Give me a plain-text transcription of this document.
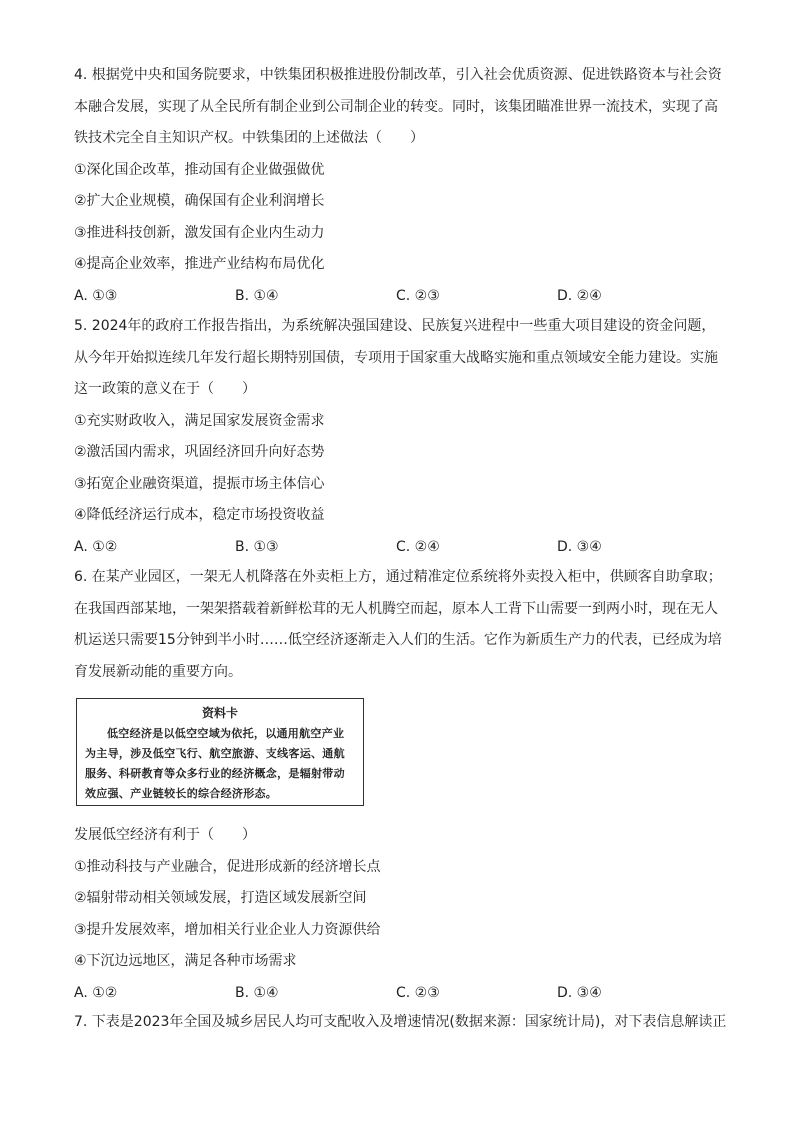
4. 根据党中央和国务院要求，中铁集团积极推进股份制改革，引入社会优质资源、促进铁路资本与社会资本融合发展，实现了从全民所有制企业到公司制企业的转变。同时，该集团瞄准世界一流技术，实现了高铁技术完全自主知识产权。中铁集团的上述做法（　　）

①深化国企改革，推动国有企业做强做优
②扩大企业规模，确保国有企业利润增长
③推进科技创新，激发国有企业内生动力
④提高企业效率，推进产业结构布局优化
A. ①③	B. ①④	C. ②③	D. ②④

5. 2024年的政府工作报告指出，为系统解决强国建设、民族复兴进程中一些重大项目建设的资金问题，从今年开始拟连续几年发行超长期特别国债，专项用于国家重大战略实施和重点领域安全能力建设。实施这一政策的意义在于（　　）

①充实财政收入，满足国家发展资金需求
②激活国内需求，巩固经济回升向好态势
③拓宽企业融资渠道，提振市场主体信心
④降低经济运行成本，稳定市场投资收益
A. ①②	B. ①③	C. ②④	D. ③④

6. 在某产业园区，一架无人机降落在外卖柜上方，通过精准定位系统将外卖投入柜中，供顾客自助拿取；在我国西部某地，一架架搭载着新鲜松茸的无人机腾空而起，原本人工背下山需要一到两小时，现在无人机运送只需要15分钟到半小时……低空经济逐渐走入人们的生活。它作为新质生产力的代表，已经成为培育发展新动能的重要方向。

资料卡
低空经济是以低空空域为依托，以通用航空产业为主导，涉及低空飞行、航空旅游、支线客运、通航服务、科研教育等众多行业的经济概念，是辐射带动效应强、产业链较长的综合经济形态。
发展低空经济有利于（　　）
①推动科技与产业融合，促进形成新的经济增长点
②辐射带动相关领域发展，打造区域发展新空间
③提升发展效率，增加相关行业企业人力资源供给
④下沉边远地区，满足各种市场需求
A. ①②	B. ①④	C. ②③	D. ③④
7. 下表是2023年全国及城乡居民人均可支配收入及增速情况(数据来源：国家统计局)，对下表信息解读正
